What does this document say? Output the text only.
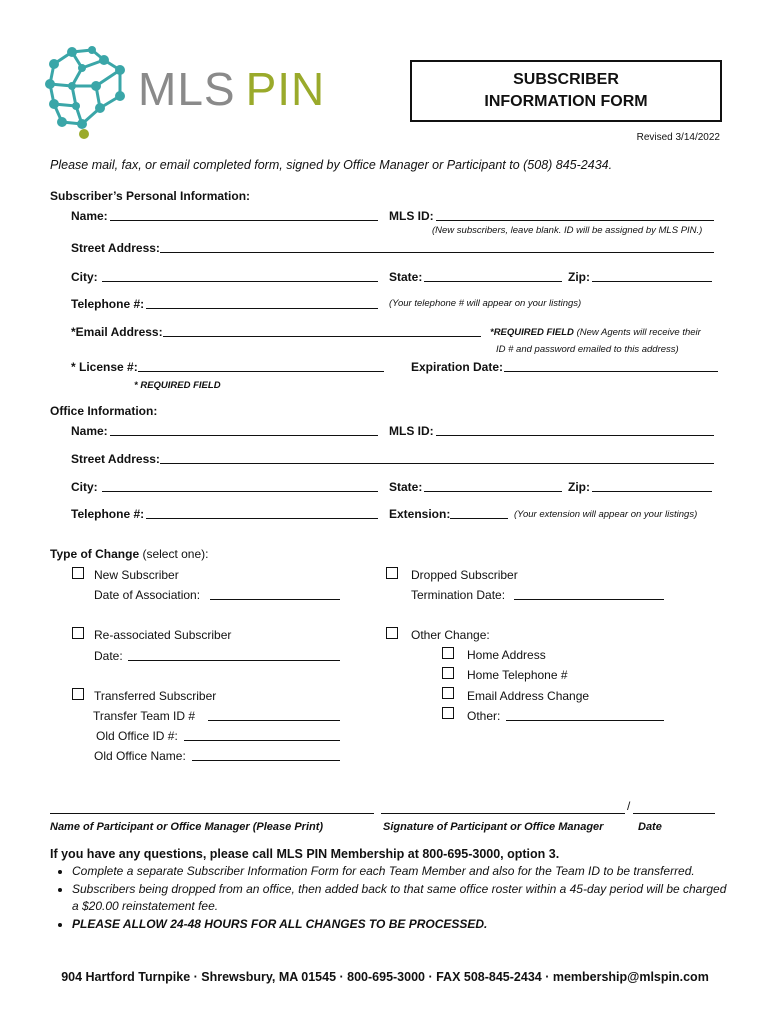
MLS PIN	SUBSCRIBER
INFORMATION FORM
Revised 3/14/2022
Please mail, fax, or email completed form, signed by Office Manager or Participant to (508) 845-2434.
Subscriber’s Personal Information:
Name:	MLS ID:
(New subscribers, leave blank. ID will be assigned by MLS PIN.)
Street Address:
City:	State:	Zip:
Telephone #:	(Your telephone # will appear on your listings)
*Email Address:	*REQUIRED FIELD (New Agents will receive their
ID # and password emailed to this address)
* License #:	Expiration Date:
* REQUIRED FIELD
Office Information:
Name:	MLS ID:
Street Address:
City:	State:	Zip:
Telephone #:	Extension:	(Your extension will appear on your listings)
Type of Change (select one):
New Subscriber
Date of Association:
Re-associated Subscriber
Date:
Transferred Subscriber
Transfer Team ID #
Old Office ID #:
Old Office Name:
Dropped Subscriber
Termination Date:
Other Change:
Home Address
Home Telephone #
Email Address Change
Other:
/
Name of Participant or Office Manager (Please Print)	Signature of Participant or Office Manager	Date
If you have any questions, please call MLS PIN Membership at 800-695-3000, option 3.
• Complete a separate Subscriber Information Form for each Team Member and also for the Team ID to be transferred.
• Subscribers being dropped from an office, then added back to that same office roster within a 45-day period will be charged a $20.00 reinstatement fee.
• PLEASE ALLOW 24-48 HOURS FOR ALL CHANGES TO BE PROCESSED.
904 Hartford Turnpike · Shrewsbury, MA 01545 · 800-695-3000 · FAX 508-845-2434 · membership@mlspin.com
